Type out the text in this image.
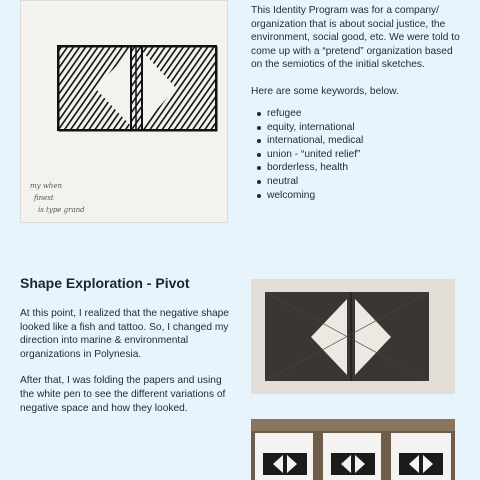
my when
finest
is type grand

This Identity Program was for a company/ organization that is about social justice, the environment, social good, etc. We were told to come up with a “pretend” organization based on the semiotics of the initial sketches.

Here are some keywords, below.

refugee
equity, international
international, medical
union - “united relief”
borderless, health
neutral
welcoming
Shape Exploration - Pivot

At this point, I realized that the negative shape looked like a fish and tattoo. So, I changed my direction into marine & environmental organizations in Polynesia.

After that, I was folding the papers and using the white pen to see the different variations of negative space and how they looked.
